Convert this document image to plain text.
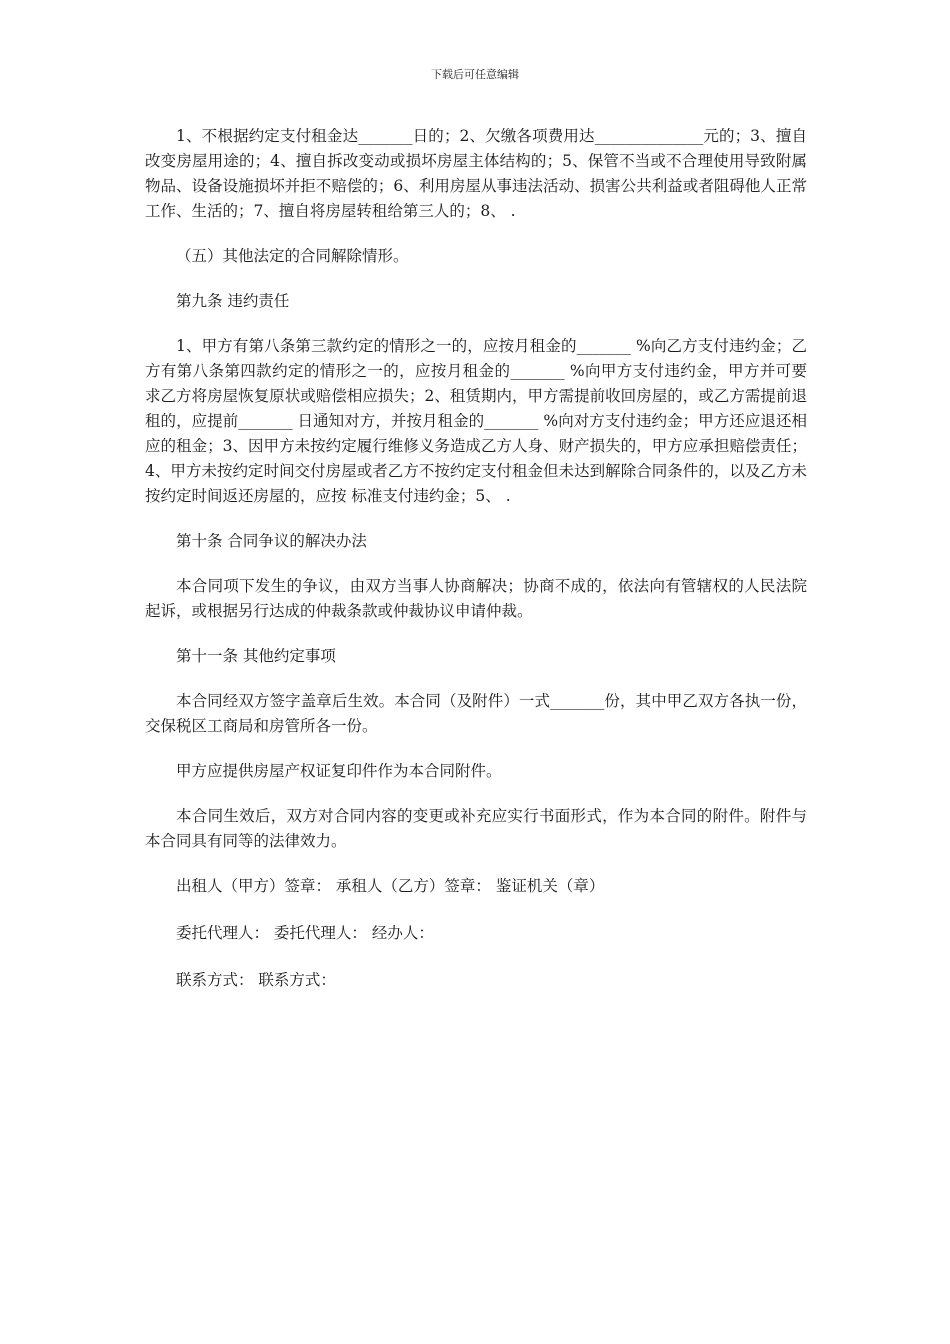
下载后可任意编辑

1、不根据约定支付租金达_______日的；2、欠缴各项费用达______________元的；3、擅自改变房屋用途的；4、擅自拆改变动或损坏房屋主体结构的；5、保管不当或不合理使用导致附属物品、设备设施损坏并拒不赔偿的；6、利用房屋从事违法活动、损害公共利益或者阻碍他人正常工作、生活的；7、擅自将房屋转租给第三人的；8、 .

（五）其他法定的合同解除情形。

第九条 违约责任

1、甲方有第八条第三款约定的情形之一的，应按月租金的_______ %向乙方支付违约金；乙方有第八条第四款约定的情形之一的，应按月租金的_______ %向甲方支付违约金，甲方并可要求乙方将房屋恢复原状或赔偿相应损失；2、租赁期内，甲方需提前收回房屋的，或乙方需提前退租的，应提前_______ 日通知对方，并按月租金的_______ %向对方支付违约金；甲方还应退还相应的租金；3、因甲方未按约定履行维修义务造成乙方人身、财产损失的，甲方应承担赔偿责任；4、甲方未按约定时间交付房屋或者乙方不按约定支付租金但未达到解除合同条件的，以及乙方未按约定时间返还房屋的，应按 标准支付违约金；5、 .

第十条 合同争议的解决办法

本合同项下发生的争议，由双方当事人协商解决；协商不成的，依法向有管辖权的人民法院起诉，或根据另行达成的仲裁条款或仲裁协议申请仲裁。

第十一条 其他约定事项

本合同经双方签字盖章后生效。本合同（及附件）一式_______份，其中甲乙双方各执一份，交保税区工商局和房管所各一份。

甲方应提供房屋产权证复印件作为本合同附件。

本合同生效后，双方对合同内容的变更或补充应实行书面形式，作为本合同的附件。附件与本合同具有同等的法律效力。

出租人（甲方）签章： 承租人（乙方）签章： 鉴证机关（章）

委托代理人： 委托代理人： 经办人：

联系方式： 联系方式：
